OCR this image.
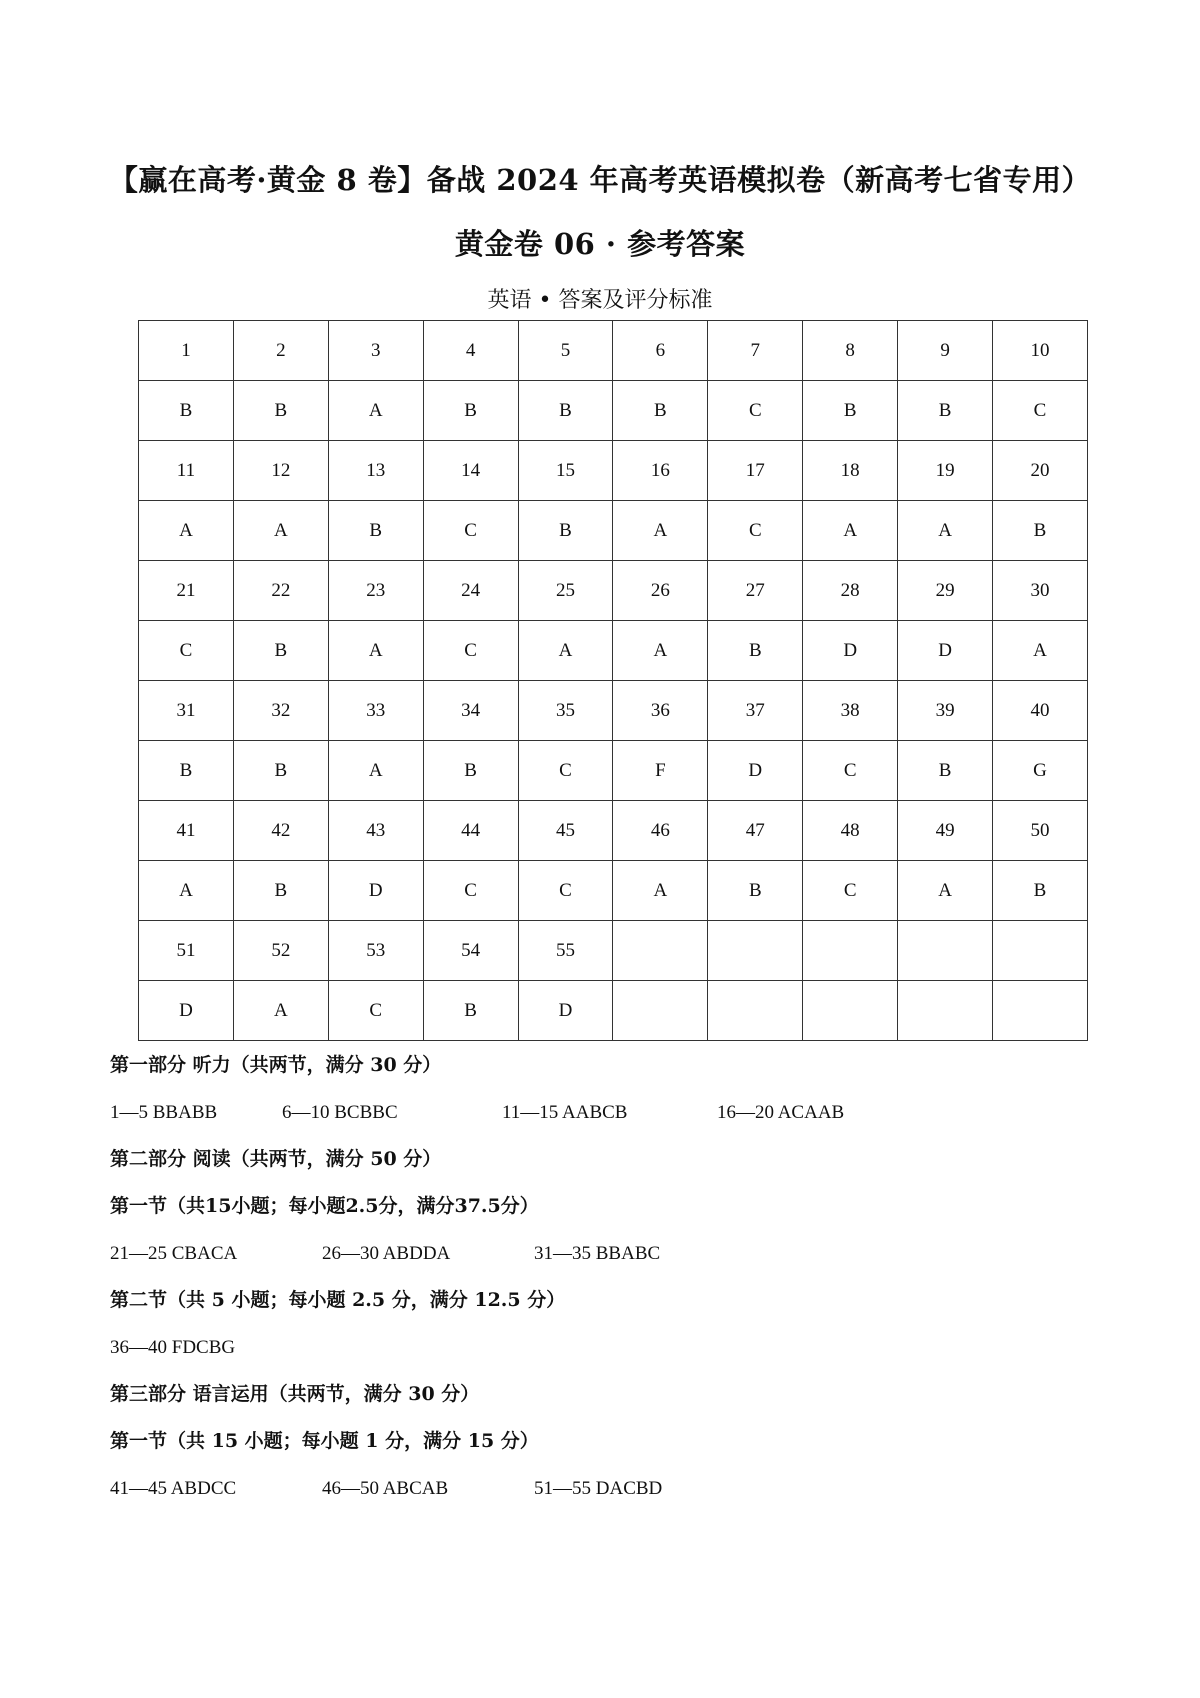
【赢在高考·黄金 8 卷】备战 2024 年高考英语模拟卷（新高考七省专用）
黄金卷 06 · 参考答案
英语 • 答案及评分标准
1	2	3	4	5	6	7	8	9	10
B	B	A	B	B	B	C	B	B	C
11	12	13	14	15	16	17	18	19	20
A	A	B	C	B	A	C	A	A	B
21	22	23	24	25	26	27	28	29	30
C	B	A	C	A	A	B	D	D	A
31	32	33	34	35	36	37	38	39	40
B	B	A	B	C	F	D	C	B	G
41	42	43	44	45	46	47	48	49	50
A	B	D	C	C	A	B	C	A	B
51	52	53	54	55					
D	A	C	B	D					
第一部分 听力（共两节，满分 30 分）
1—5 BBABB	6—10 BCBBC	11—15 AABCB	16—20 ACAAB
第二部分 阅读（共两节，满分 50 分）
第一节（共15小题；每小题2.5分，满分37.5分）
21—25 CBACA	26—30 ABDDA	31—35 BBABC
第二节（共 5 小题；每小题 2.5 分，满分 12.5 分）
36—40 FDCBG
第三部分 语言运用（共两节，满分 30 分）
第一节（共 15 小题；每小题 1 分，满分 15 分）
41—45 ABDCC	46—50 ABCAB	51—55 DACBD
